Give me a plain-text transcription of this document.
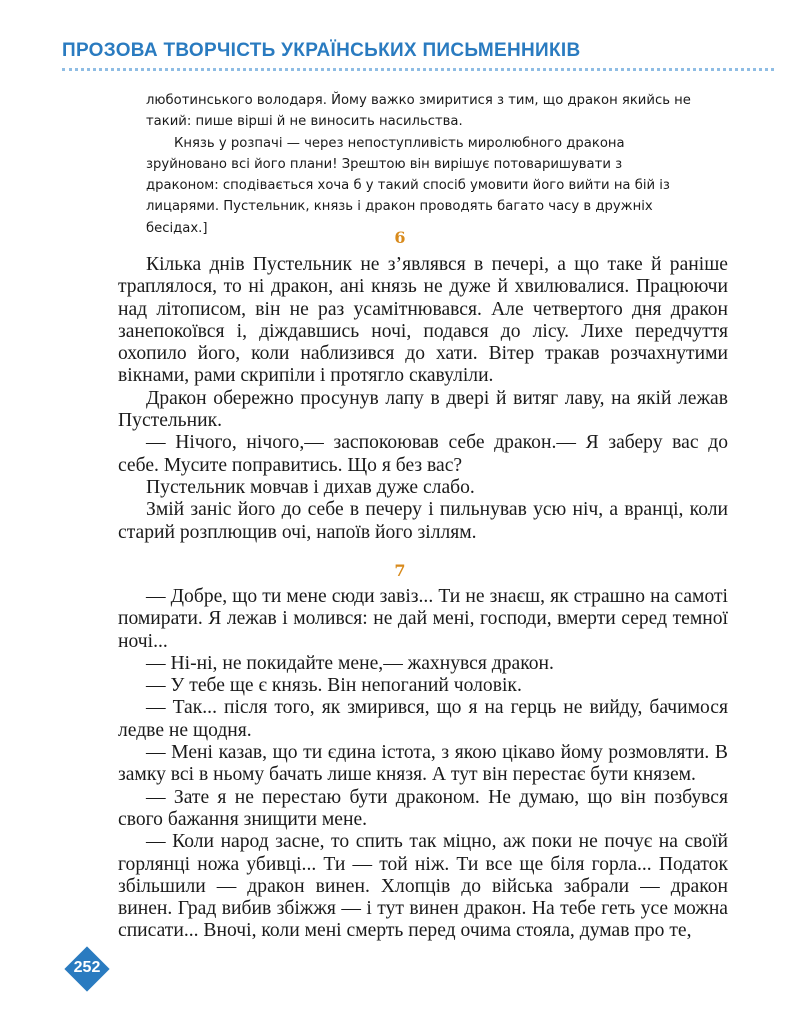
ПРОЗОВА ТВОРЧІСТЬ УКРАЇНСЬКИХ ПИСЬМЕННИКІВ

люботинського володаря. Йому важко змиритися з тим, що дракон якийсь не такий: пише вірші й не виносить насильства.

Князь у розпачі — через непоступливість миролюбного дракона зруйновано всі його плани! Зрештою він вирішує потоваришувати з драконом: сподівається хоча б у такий спосіб умовити його вийти на бій із лицарями. Пустельник, князь і дракон проводять багато часу в дружніх бесідах.]	6

Кілька днів Пустельник не з’являвся в печері, а що таке й раніше траплялося, то ні дракон, ані князь не дуже й хвилювалися. Працюючи над літописом, він не раз усамітнювався. Але четвертого дня дракон занепокоївся і, діждавшись ночі, подався до лісу. Лихе передчуття охопило його, коли наблизився до хати. Вітер тракав розчахнутими вікнами, рами скрипіли і протягло скавуліли.

Дракон обережно просунув лапу в двері й витяг лаву, на якій лежав Пустельник.

— Нічого, нічого,— заспокоював себе дракон.— Я заберу вас до себе. Мусите поправитись. Що я без вас?

Пустельник мовчав і дихав дуже слабо.

Змій заніс його до себе в печеру і пильнував усю ніч, а вранці, коли старий розплющив очі, напоїв його зіллям.

7

— Добре, що ти мене сюди завіз... Ти не знаєш, як страшно на самоті помирати. Я лежав і молився: не дай мені, господи, вмерти серед темної ночі...

— Ні-ні, не покидайте мене,— жахнувся дракон.

— У тебе ще є князь. Він непоганий чоловік.

— Так... після того, як змирився, що я на герць не вийду, бачимося ледве не щодня.

— Мені казав, що ти єдина істота, з якою цікаво йому розмовляти. В замку всі в ньому бачать лише князя. А тут він перестає бути князем.

— Зате я не перестаю бути драконом. Не думаю, що він позбувся свого бажання знищити мене.

— Коли народ засне, то спить так міцно, аж поки не почує на своїй горлянці ножа убивці... Ти — той ніж. Ти все ще біля горла... Податок збільшили — дракон винен. Хлопців до війська забрали — дракон винен. Град вибив збіжжя — і тут винен дракон. На тебе геть усе можна списати... Вночі, коли мені смерть перед очима стояла, думав про те,

252
